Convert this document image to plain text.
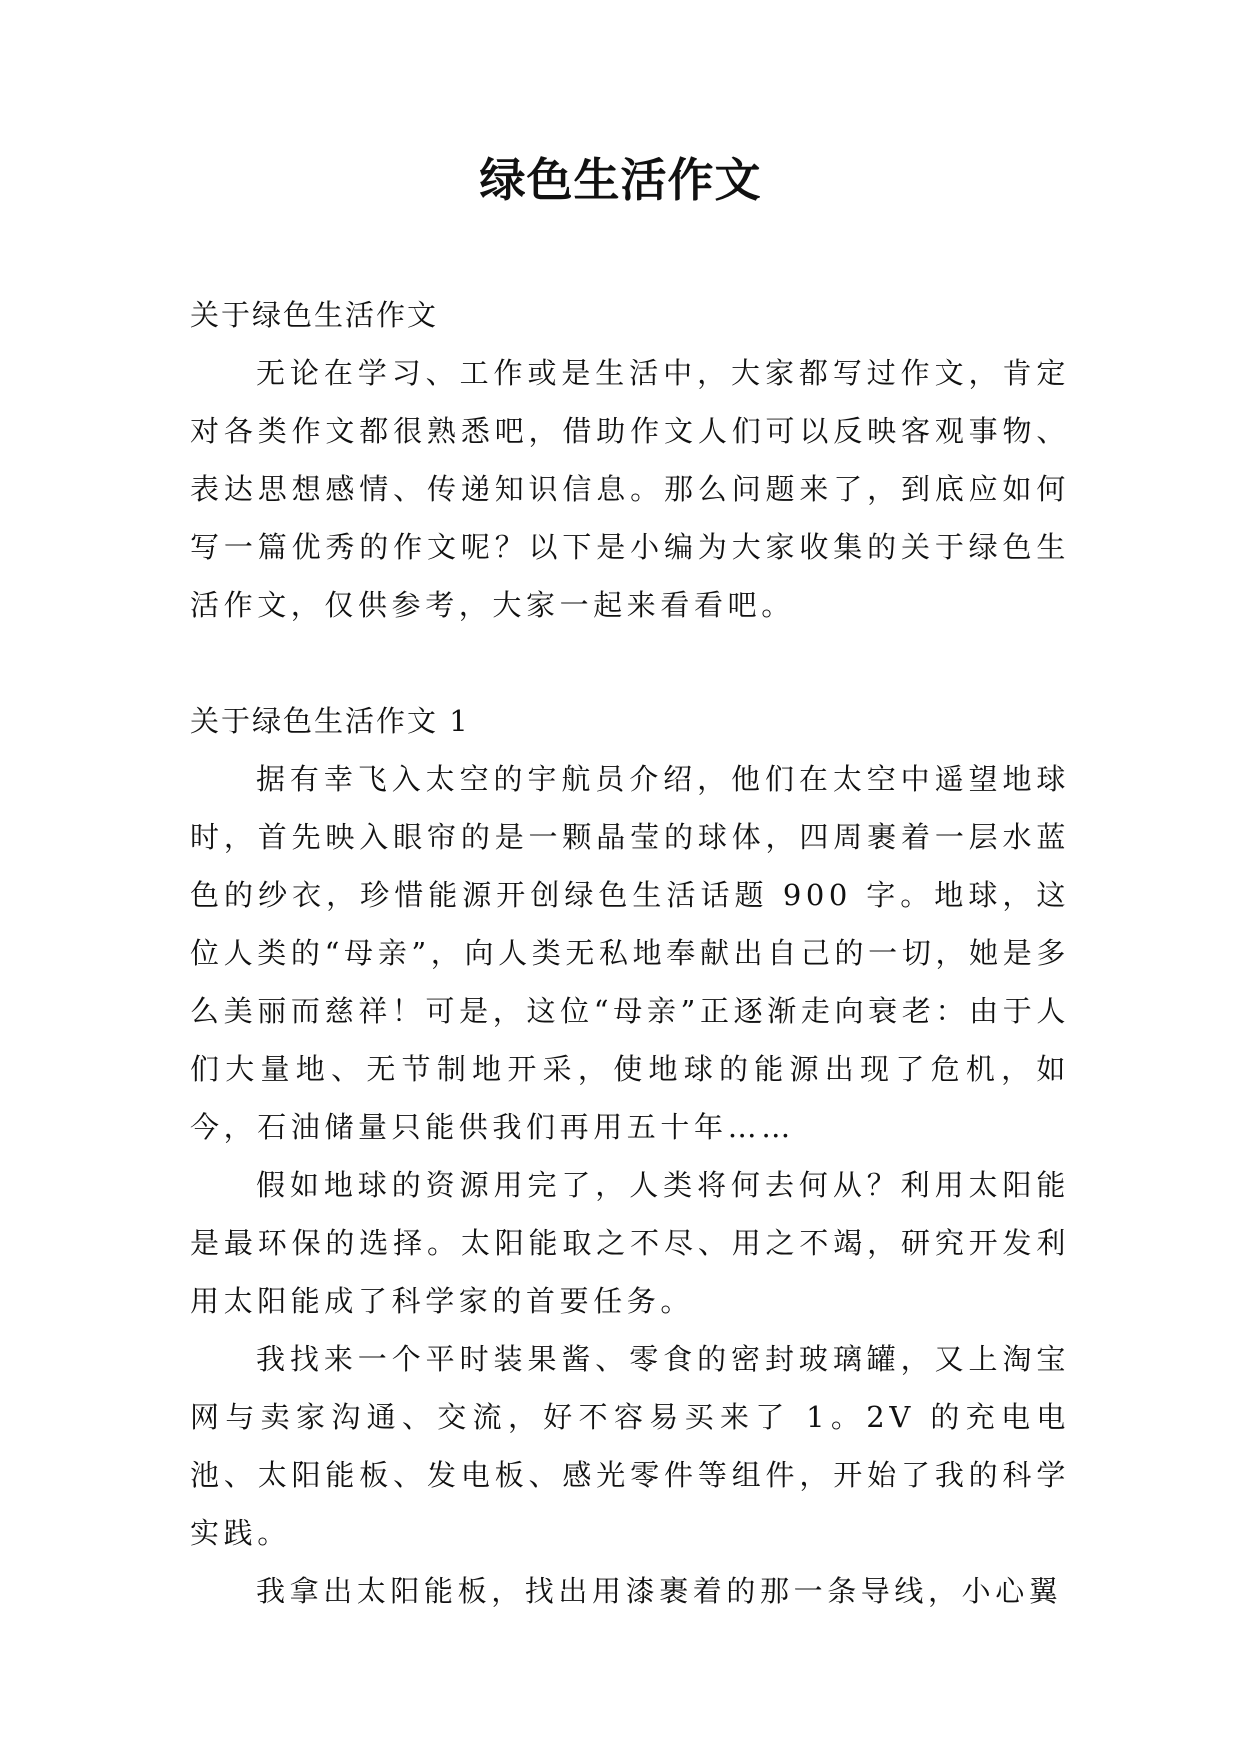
绿色生活作文

关于绿色生活作文

无论在学习、工作或是生活中，大家都写过作文，肯定对各类作文都很熟悉吧，借助作文人们可以反映客观事物、表达思想感情、传递知识信息。那么问题来了，到底应如何写一篇优秀的作文呢？以下是小编为大家收集的关于绿色生活作文，仅供参考，大家一起来看看吧。

关于绿色生活作文 1

据有幸飞入太空的宇航员介绍，他们在太空中遥望地球时，首先映入眼帘的是一颗晶莹的球体，四周裹着一层水蓝色的纱衣，珍惜能源开创绿色生活话题 900 字。地球，这位人类的“母亲”，向人类无私地奉献出自己的一切，她是多么美丽而慈祥！可是，这位“母亲”正逐渐走向衰老：由于人们大量地、无节制地开采，使地球的能源出现了危机，如今，石油储量只能供我们再用五十年……

假如地球的资源用完了，人类将何去何从？利用太阳能是最环保的选择。太阳能取之不尽、用之不竭，研究开发利用太阳能成了科学家的首要任务。

我找来一个平时装果酱、零食的密封玻璃罐，又上淘宝网与卖家沟通、交流，好不容易买来了 1。2V 的充电电池、太阳能板、发电板、感光零件等组件，开始了我的科学实践。

我拿出太阳能板，找出用漆裹着的那一条导线，小心翼
